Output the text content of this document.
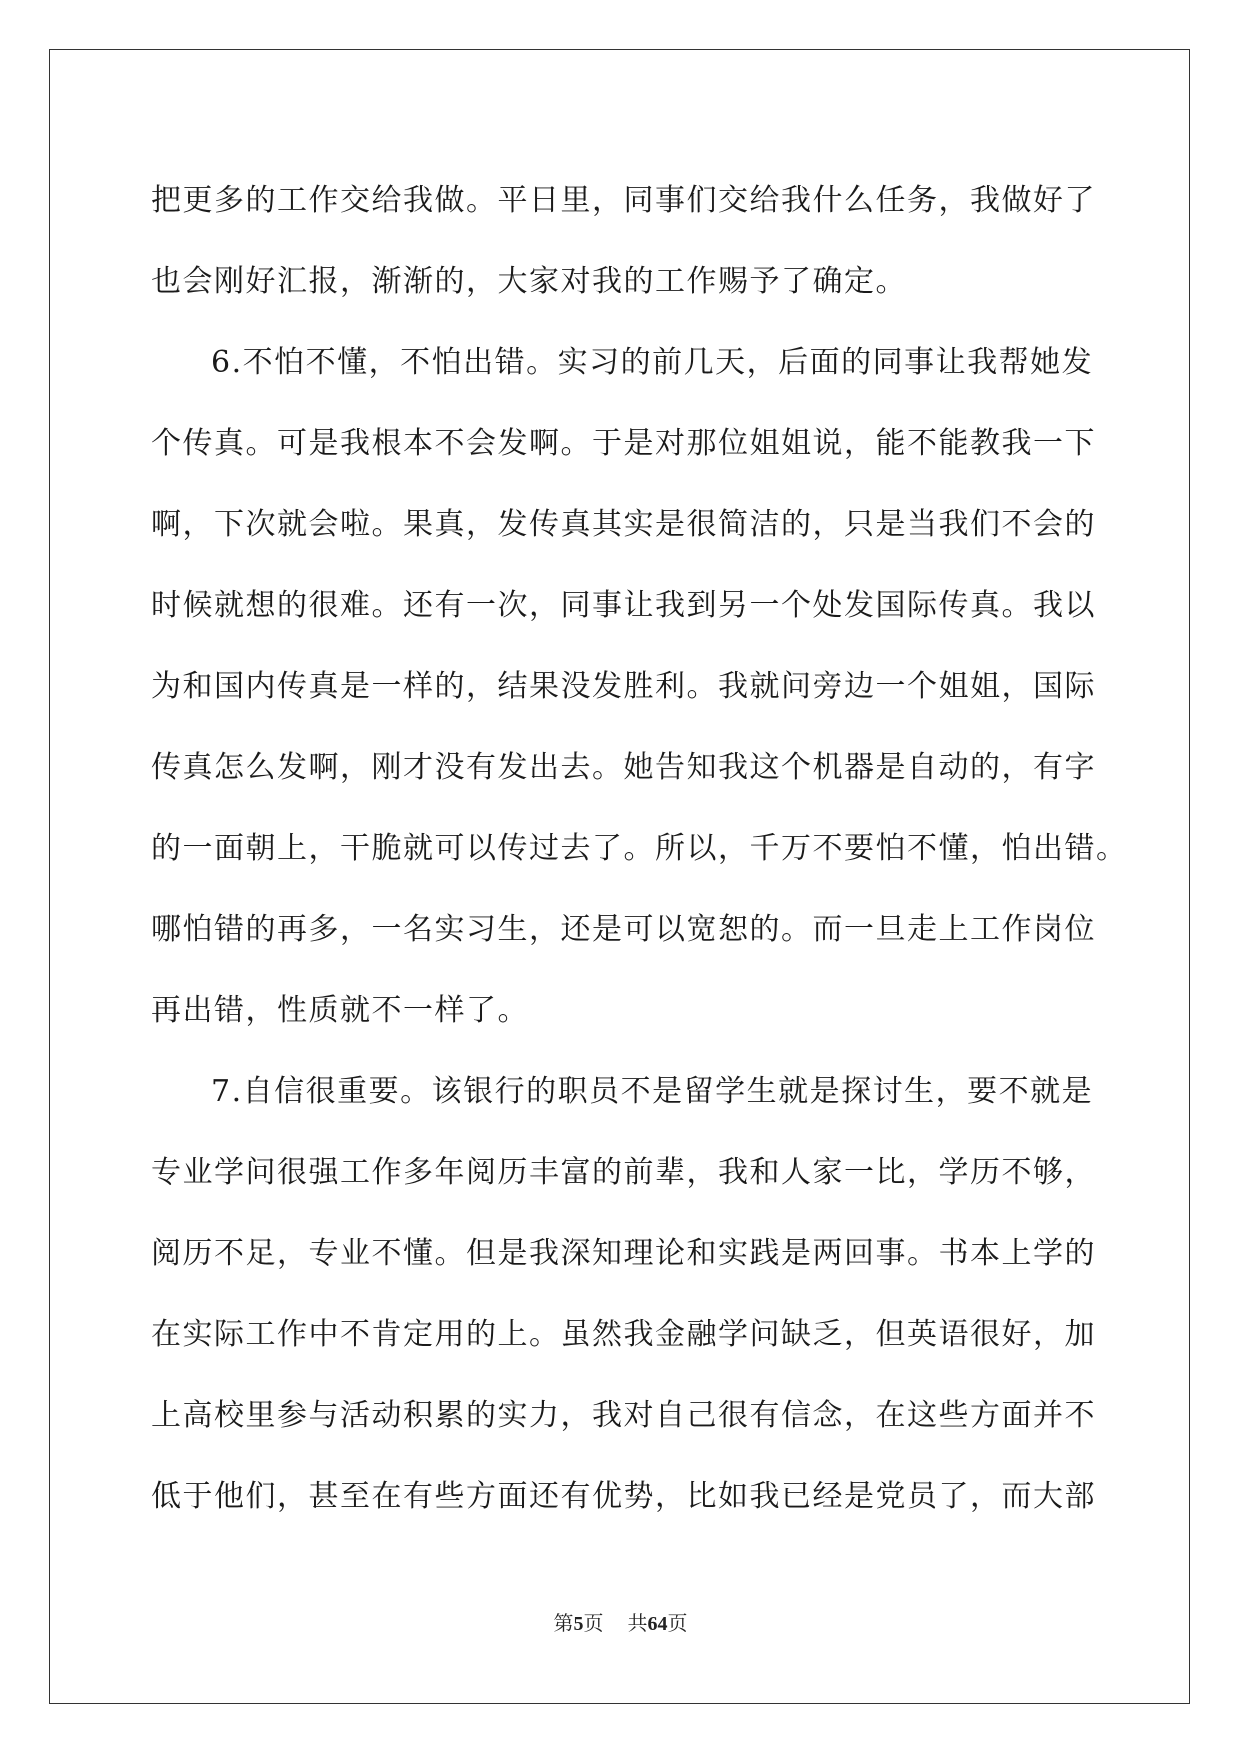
把更多的工作交给我做。平日里，同事们交给我什么任务，我做好了

也会刚好汇报，渐渐的，大家对我的工作赐予了确定。

6.不怕不懂，不怕出错。实习的前几天，后面的同事让我帮她发

个传真。可是我根本不会发啊。于是对那位姐姐说，能不能教我一下

啊，下次就会啦。果真，发传真其实是很简洁的，只是当我们不会的

时候就想的很难。还有一次，同事让我到另一个处发国际传真。我以

为和国内传真是一样的，结果没发胜利。我就问旁边一个姐姐，国际

传真怎么发啊，刚才没有发出去。她告知我这个机器是自动的，有字

的一面朝上，干脆就可以传过去了。所以，千万不要怕不懂，怕出错。

哪怕错的再多，一名实习生，还是可以宽恕的。而一旦走上工作岗位

再出错，性质就不一样了。

7.自信很重要。该银行的职员不是留学生就是探讨生，要不就是

专业学问很强工作多年阅历丰富的前辈，我和人家一比，学历不够，

阅历不足，专业不懂。但是我深知理论和实践是两回事。书本上学的

在实际工作中不肯定用的上。虽然我金融学问缺乏，但英语很好，加

上高校里参与活动积累的实力，我对自己很有信念，在这些方面并不

低于他们，甚至在有些方面还有优势，比如我已经是党员了，而大部

第5页 共64页
